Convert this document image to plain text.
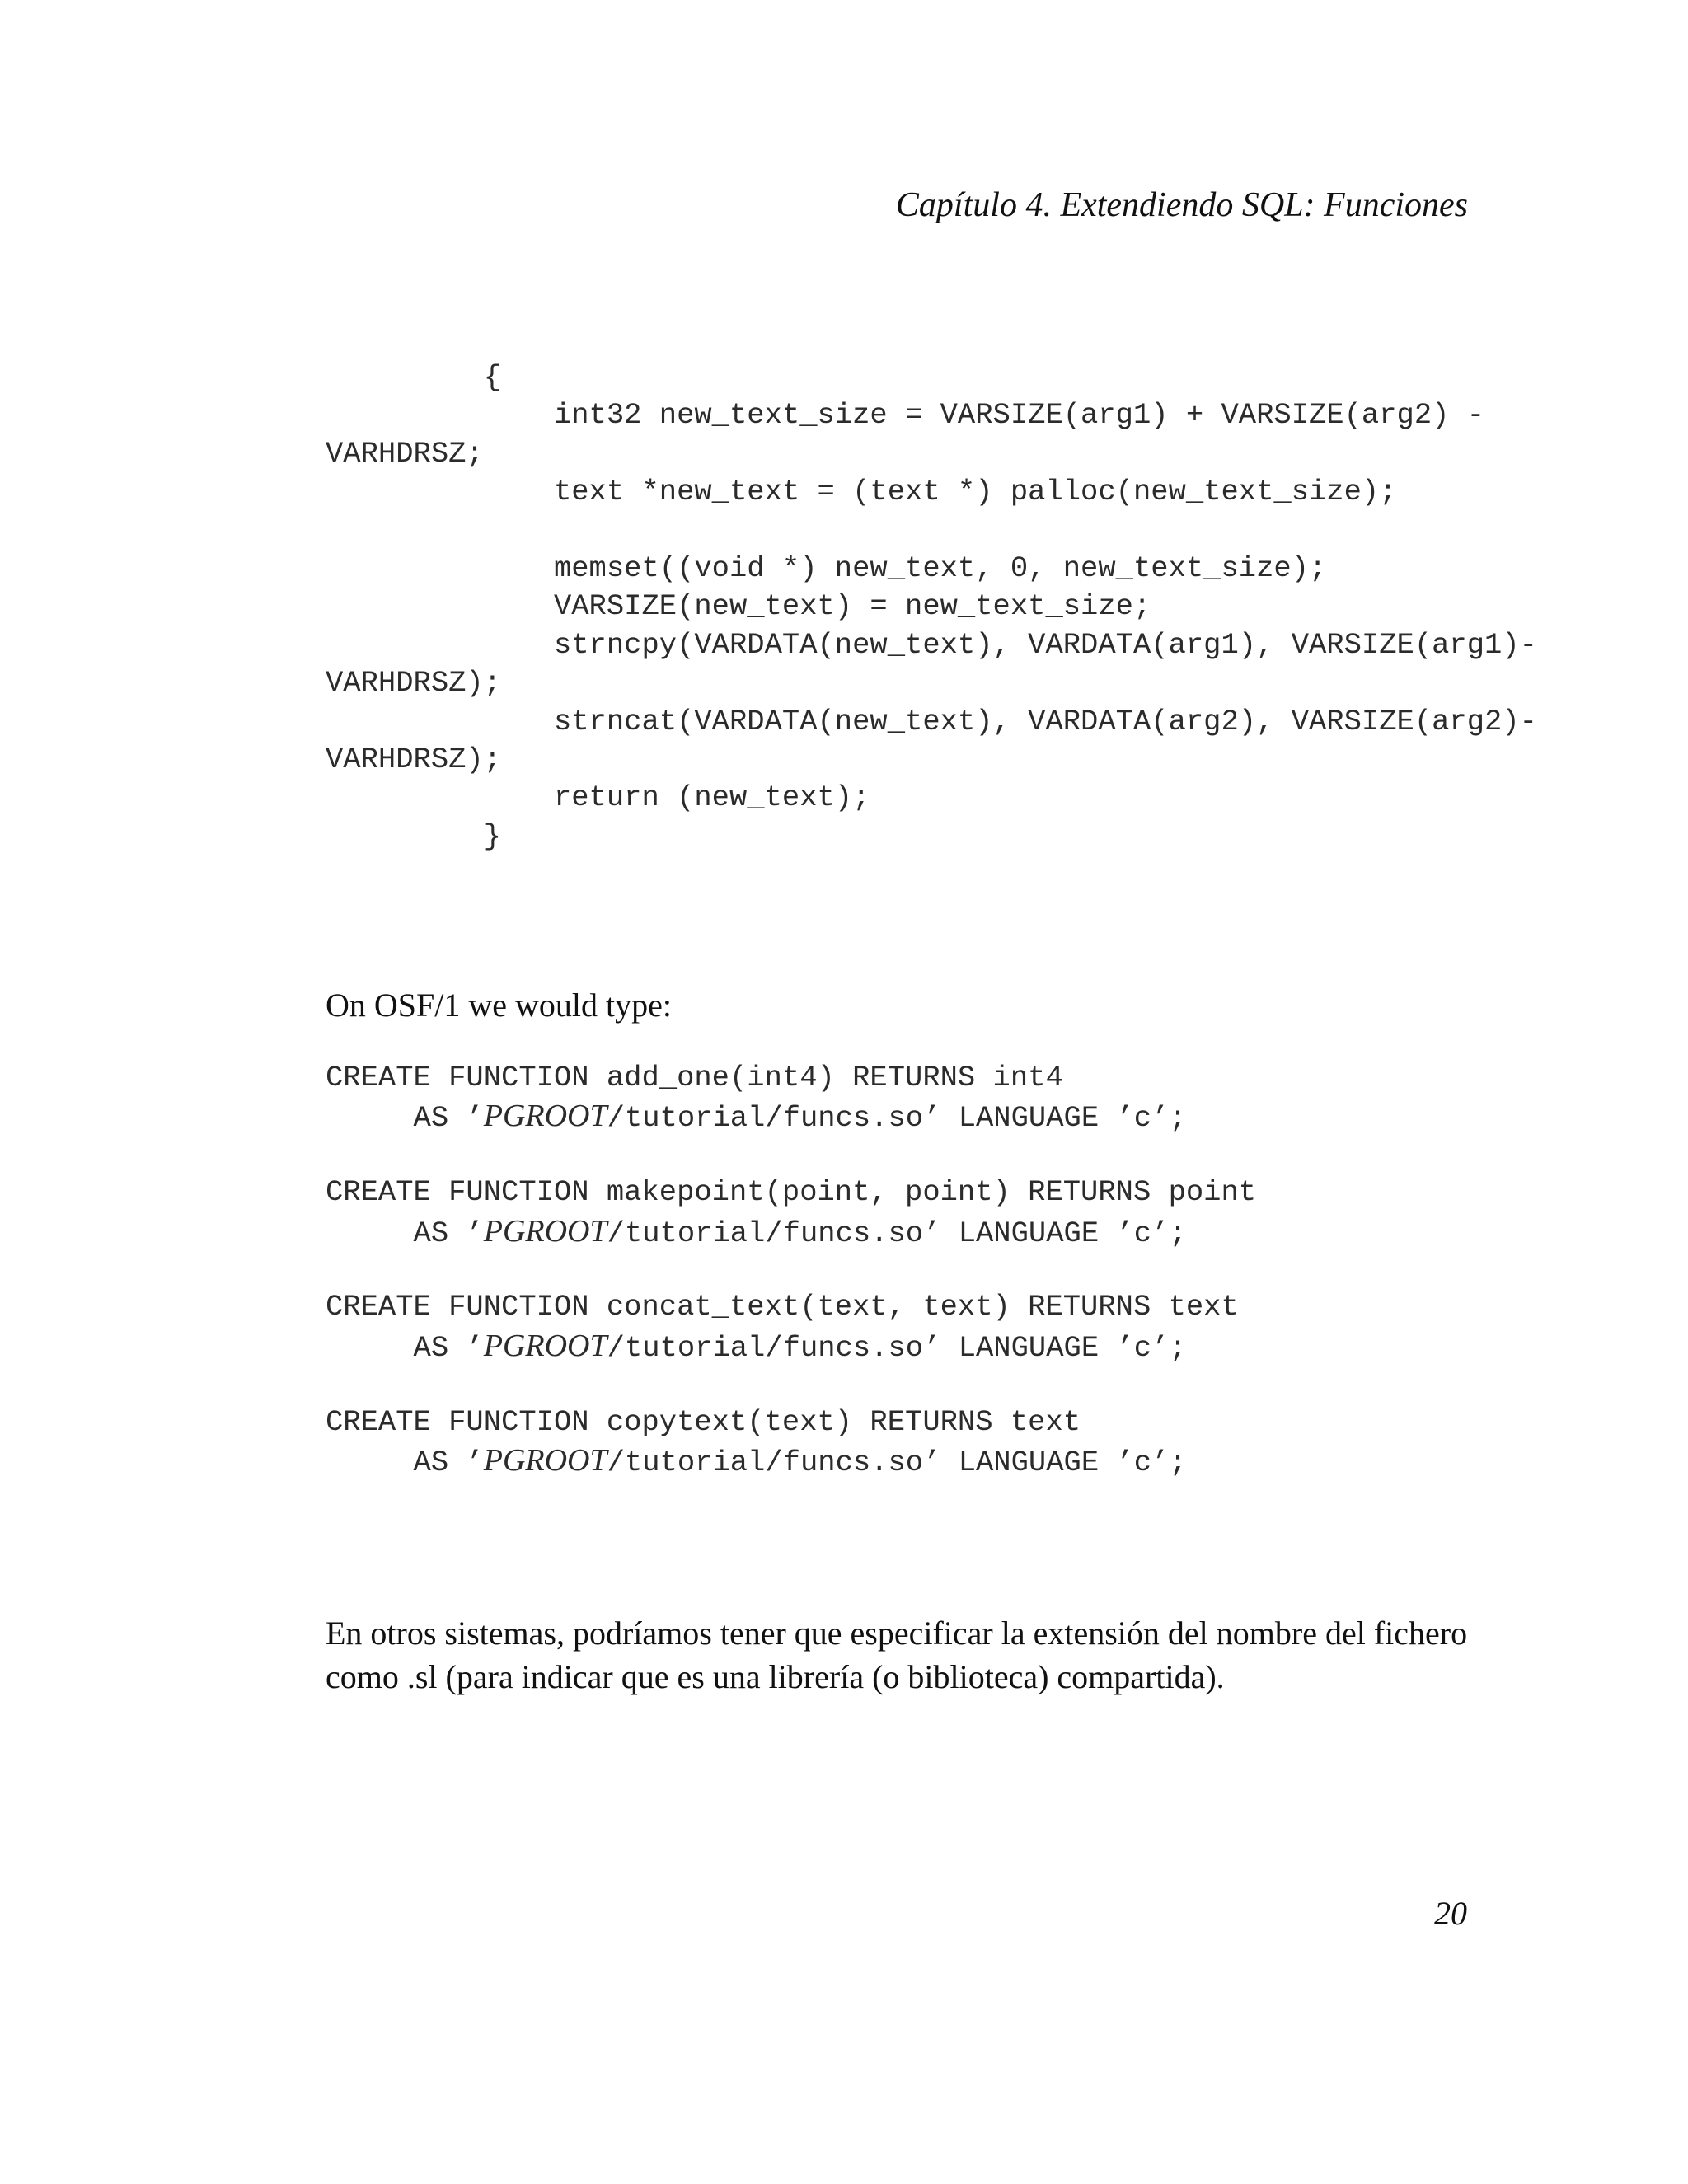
Capítulo 4. Extendiendo SQL: Funciones
{
int32 new_text_size = VARSIZE(arg1) + VARSIZE(arg2) -
VARHDRSZ;
text *new_text = (text *) palloc(new_text_size);
memset((void *) new_text, 0, new_text_size);
VARSIZE(new_text) = new_text_size;
strncpy(VARDATA(new_text), VARDATA(arg1), VARSIZE(arg1)-
VARHDRSZ);
strncat(VARDATA(new_text), VARDATA(arg2), VARSIZE(arg2)-
VARHDRSZ);
return (new_text);
}

On OSF/1 we would type:

CREATE FUNCTION add_one(int4) RETURNS int4
AS ’PGROOT/tutorial/funcs.so’ LANGUAGE ’c’;
CREATE FUNCTION makepoint(point, point) RETURNS point
AS ’PGROOT/tutorial/funcs.so’ LANGUAGE ’c’;
CREATE FUNCTION concat_text(text, text) RETURNS text
AS ’PGROOT/tutorial/funcs.so’ LANGUAGE ’c’;
CREATE FUNCTION copytext(text) RETURNS text
AS ’PGROOT/tutorial/funcs.so’ LANGUAGE ’c’;

En otros sistemas, podríamos tener que especificar la extensión del nombre del fichero como .sl (para indicar que es una librería (o biblioteca) compartida).

20
